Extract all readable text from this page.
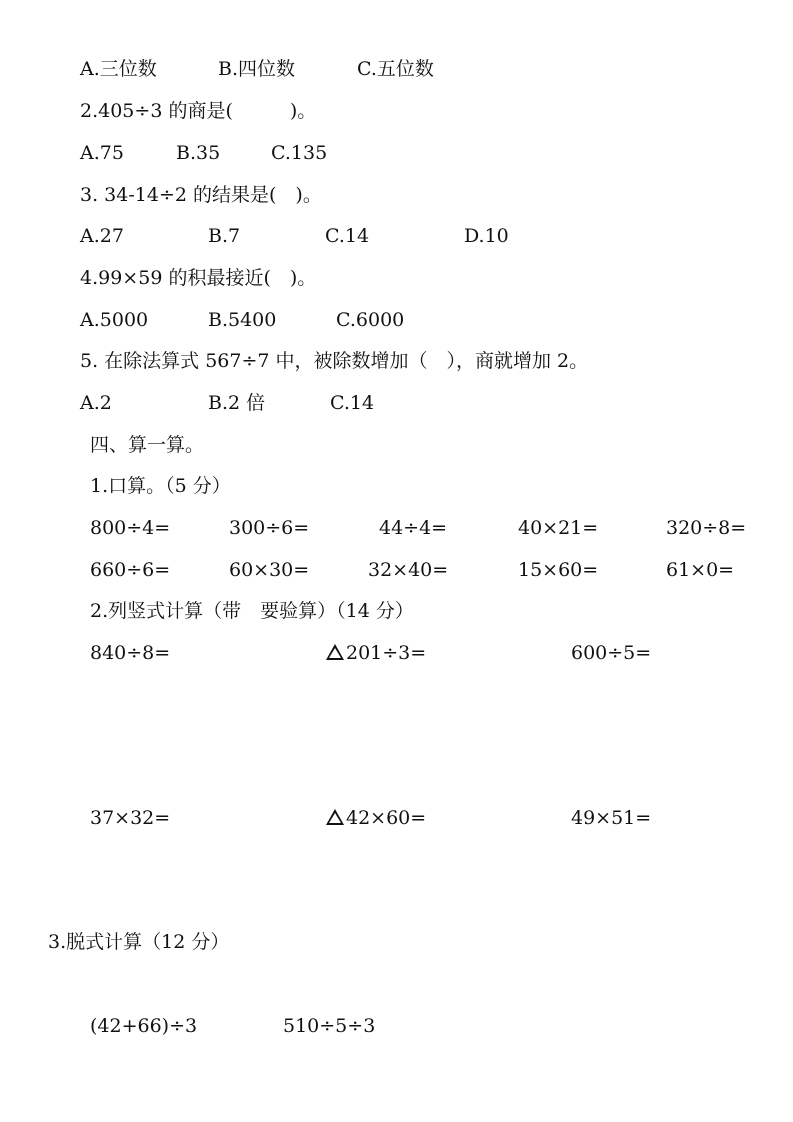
A.三位数	B.四位数	C.五位数
2.405÷3 的商是(　　　)。
A.75	B.35	C.135
3. 34-14÷2 的结果是(　)。
A.27	B.7	C.14	D.10
4.99×59 的积最接近(　)。
A.5000	B.5400	C.6000
5. 在除法算式 567÷7 中，被除数增加（　），商就增加 2。
A.2	B.2 倍	C.14
四、算一算。
1.口算。（5 分）
800÷4=	300÷6=	44÷4=	40×21=	320÷8=
660÷6=	60×30=	32×40=	15×60=	61×0=
2.列竖式计算（带　要验算）（14 分）
840÷8=	201÷3=	600÷5=
37×32=	42×60=	49×51=
3.脱式计算（12 分）
(42+66)÷3	510÷5÷3
